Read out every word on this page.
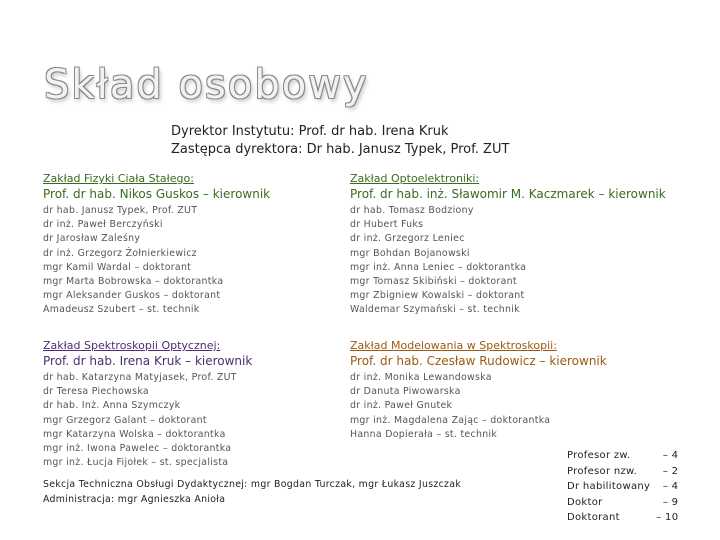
Skład osobowy
Dyrektor Instytutu: Prof. dr hab. Irena Kruk
Zastępca dyrektora: Dr hab. Janusz Typek, Prof. ZUT
Zakład Fizyki Ciała Stałego:
Prof. dr hab. Nikos Guskos – kierownik
dr hab. Janusz Typek, Prof. ZUT
dr inż. Paweł Berczyński
dr Jarosław Zaleśny
dr inż. Grzegorz Żołnierkiewicz
mgr Kamil Wardal – doktorant
mgr Marta Bobrowska – doktorantka
mgr Aleksander Guskos – doktorant
Amadeusz Szubert – st. technik
Zakład Optoelektroniki:
Prof. dr hab. inż. Sławomir M. Kaczmarek – kierownik
dr hab. Tomasz Bodziony
dr Hubert Fuks
dr inż. Grzegorz Leniec
mgr Bohdan Bojanowski
mgr inż. Anna Leniec – doktorantka
mgr Tomasz Skibiński – doktorant
mgr Zbigniew Kowalski – doktorant
Waldemar Szymański – st. technik
Zakład Spektroskopii Optycznej:
Prof. dr hab. Irena Kruk – kierownik
dr hab. Katarzyna Matyjasek, Prof. ZUT
dr Teresa Piechowska
dr hab. Inż. Anna Szymczyk
mgr Grzegorz Galant – doktorant
mgr Katarzyna Wolska – doktorantka
mgr inż. Iwona Pawelec – doktorantka
mgr inż. Łucja Fijołek – st. specjalista
Zakład Modelowania w Spektroskopii:
Prof. dr hab. Czesław Rudowicz – kierownik
dr inż. Monika Lewandowska
dr Danuta Piwowarska
dr inż. Paweł Gnutek
mgr inż. Magdalena Zając – doktorantka
Hanna Dopierała – st. technik
Sekcja Techniczna Obsługi Dydaktycznej: mgr Bogdan Turczak, mgr Łukasz Juszczak
Administracja: mgr Agnieszka Anioła
Profesor zw.	– 4
Profesor nzw.	– 2
Dr habilitowany	– 4
Doktor	– 9
Doktorant	– 10
